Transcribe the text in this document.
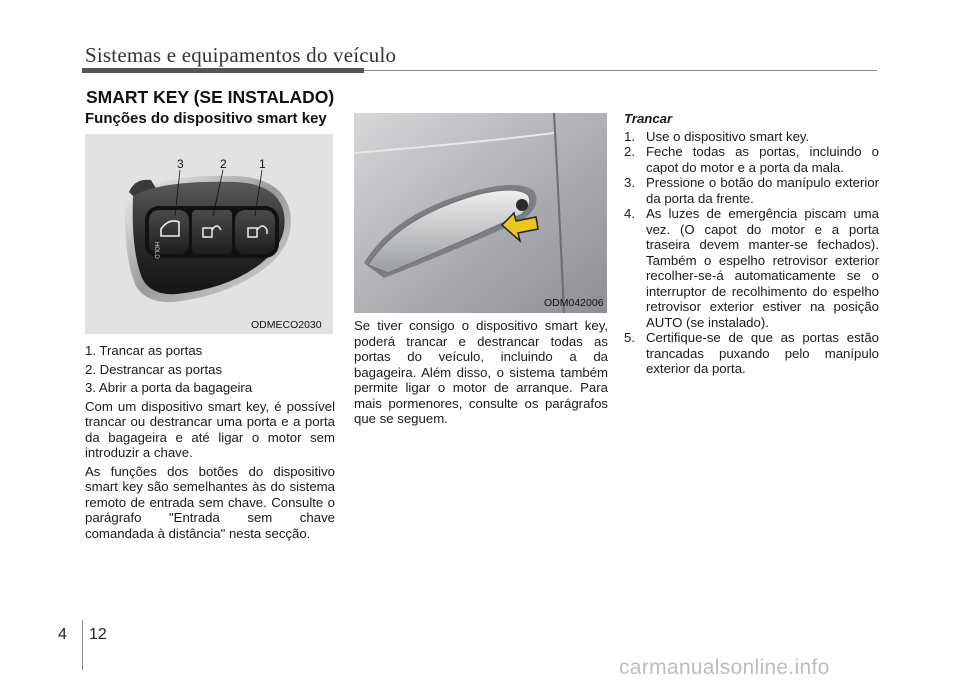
Sistemas e equipamentos do veículo
SMART KEY (SE INSTALADO)
Funções do dispositivo smart key
HOLD
3	2	1
ODMECO2030
1. Trancar as portas
2. Destrancar as portas
3. Abrir a porta da bagageira

Com um dispositivo smart key, é possível trancar ou destrancar uma porta e a porta da bagageira e até ligar o motor sem introduzir a chave.

As funções dos botões do dispositivo smart key são semelhantes às do sistema remoto de entrada sem chave. Consulte o parágrafo "Entrada sem chave comandada à distância" nesta secção.

ODM042006

Se tiver consigo o dispositivo smart key, poderá trancar e destrancar todas as portas do veículo, incluindo a da bagageira. Além disso, o sistema também permite ligar o motor de arranque. Para mais pormenores, consulte os parágrafos que se seguem.

Trancar
1. Use o dispositivo smart key.
2. Feche todas as portas, incluindo o capot do motor e a porta da mala.
3. Pressione o botão do manípulo exterior da porta da frente.
4. As luzes de emergência piscam uma vez. (O capot do motor e a porta traseira devem manter-se fechados). Também o espelho retrovisor exterior recolher-se-á automaticamente se o interruptor de recolhimento do espelho retrovisor exterior estiver na posição AUTO (se instalado).
5. Certifique-se de que as portas estão trancadas puxando pelo manípulo exterior da porta.
4 12
carmanualsonline.info
